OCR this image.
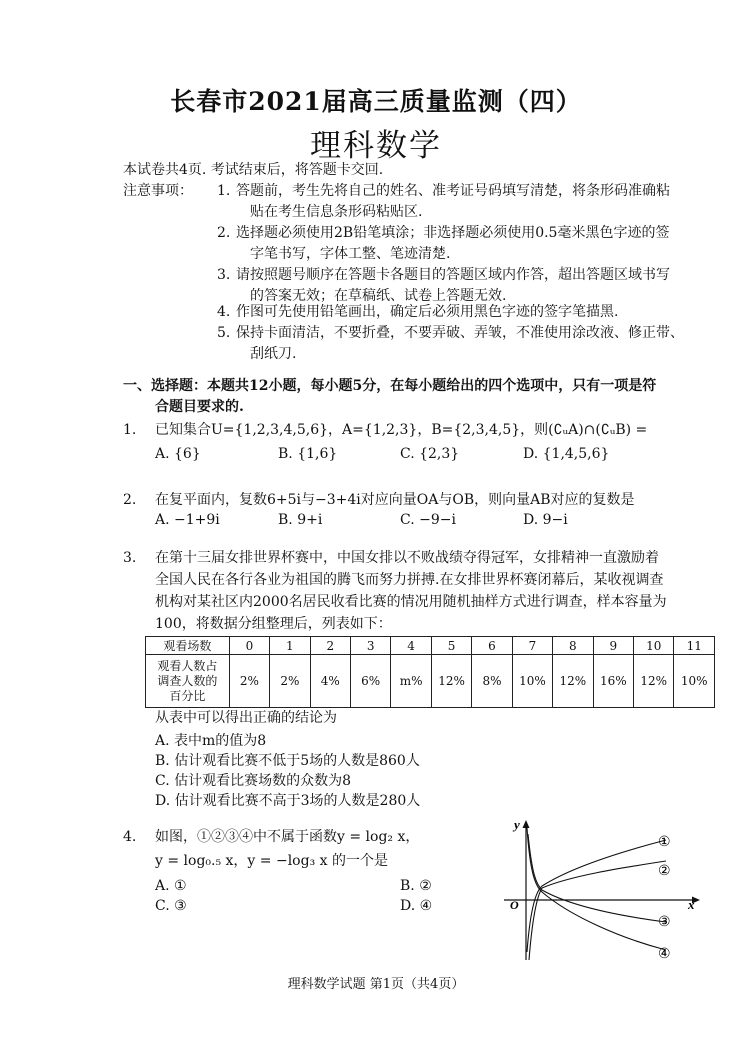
长春市2021届高三质量监测（四）
理科数学
本试卷共4页. 考试结束后，将答题卡交回.
注意事项： 1. 答题前，考生先将自己的姓名、准考证号码填写清楚，将条形码准确粘
贴在考生信息条形码粘贴区.
2. 选择题必须使用2B铅笔填涂；非选择题必须使用0.5毫米黑色字迹的签
字笔书写，字体工整、笔迹清楚.
3. 请按照题号顺序在答题卡各题目的答题区域内作答，超出答题区域书写
的答案无效；在草稿纸、试卷上答题无效.
4. 作图可先使用铅笔画出，确定后必须用黑色字迹的签字笔描黑.
5. 保持卡面清洁，不要折叠，不要弄破、弄皱，不准使用涂改液、修正带、
刮纸刀.
一、选择题：本题共12小题，每小题5分，在每小题给出的四个选项中，只有一项是符
合题目要求的.
1. 已知集合U={1,2,3,4,5,6}，A={1,2,3}，B={2,3,4,5}，则(∁ᵤA)∩(∁ᵤB) =
A. {6}	B. {1,6}	C. {2,3}	D. {1,4,5,6}
2. 在复平面内，复数6+5i与−3+4i对应向量OA与OB，则向量AB对应的复数是
A. −1+9i	B. 9+i	C. −9−i	D. 9−i
3. 在第十三届女排世界杯赛中，中国女排以不败战绩夺得冠军，女排精神一直激励着
全国人民在各行各业为祖国的腾飞而努力拼搏.在女排世界杯赛闭幕后，某收视调查
机构对某社区内2000名居民收看比赛的情况用随机抽样方式进行调查，样本容量为
100，将数据分组整理后，列表如下：
观看场数	0	1	2	3	4	5	6	7	8	9	10	11

观看人数占
调查人数的
百分比	2%	2%	4%	6%	m%	12%	8%	10%	12%	16%	12%	10%
从表中可以得出正确的结论为
A. 表中m的值为8
B. 估计观看比赛不低于5场的人数是860人
C. 估计观看比赛场数的众数为8
D. 估计观看比赛不高于3场的人数是280人
4. 如图，①②③④中不属于函数y = log₂ x，
y = log₀.₅ x，y = −log₃ x 的一个是
A. ①	B. ②
C. ③	D. ④
y
x
O
①
②
③
④
理科数学试题 第1页（共4页）
